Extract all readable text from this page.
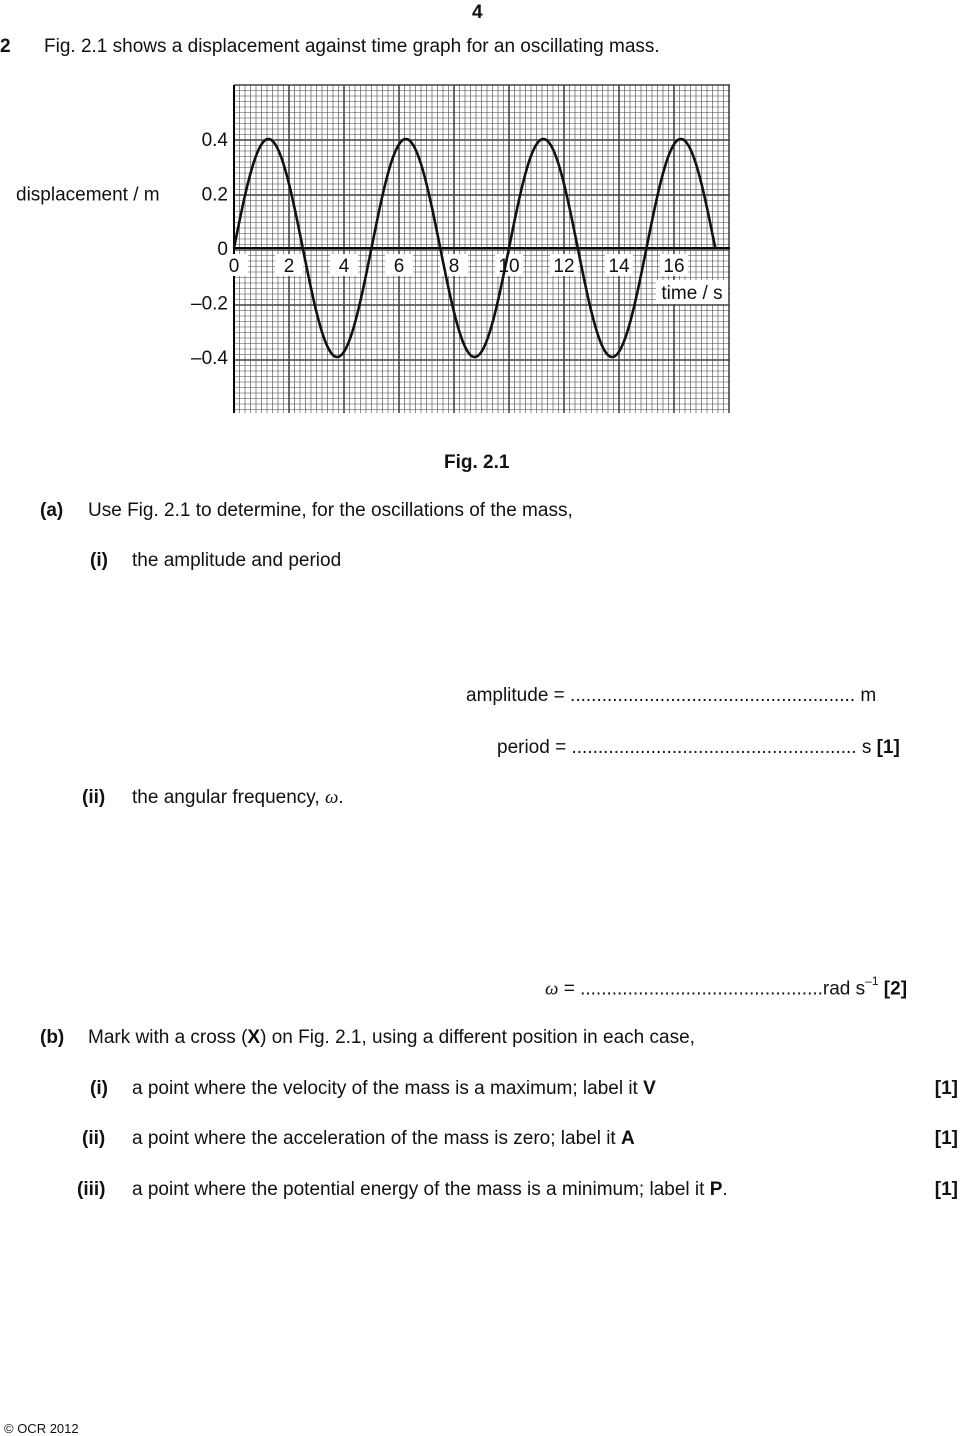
4
2 Fig. 2.1 shows a displacement against time graph for an oscillating mass.
0 2 4 6 8 10 12 14 16
time / s
0.4
0.2
0
–0.2
–0.4
displacement / m
Fig. 2.1
(a) Use Fig. 2.1 to determine, for the oscillations of the mass,
(i) the amplitude and period
amplitude = ...................................................... m
period = ...................................................... s [1]
(ii) the angular frequency, ω.
ω = ..............................................rad $s^{-1}$ [2]
(b) Mark with a cross (X) on Fig. 2.1, using a different position in each case,
(i) a point where the velocity of the mass is a maximum; label it V	[1]
(ii) a point where the acceleration of the mass is zero; label it A	[1]
(iii) a point where the potential energy of the mass is a minimum; label it P.	[1]
© OCR 2012
